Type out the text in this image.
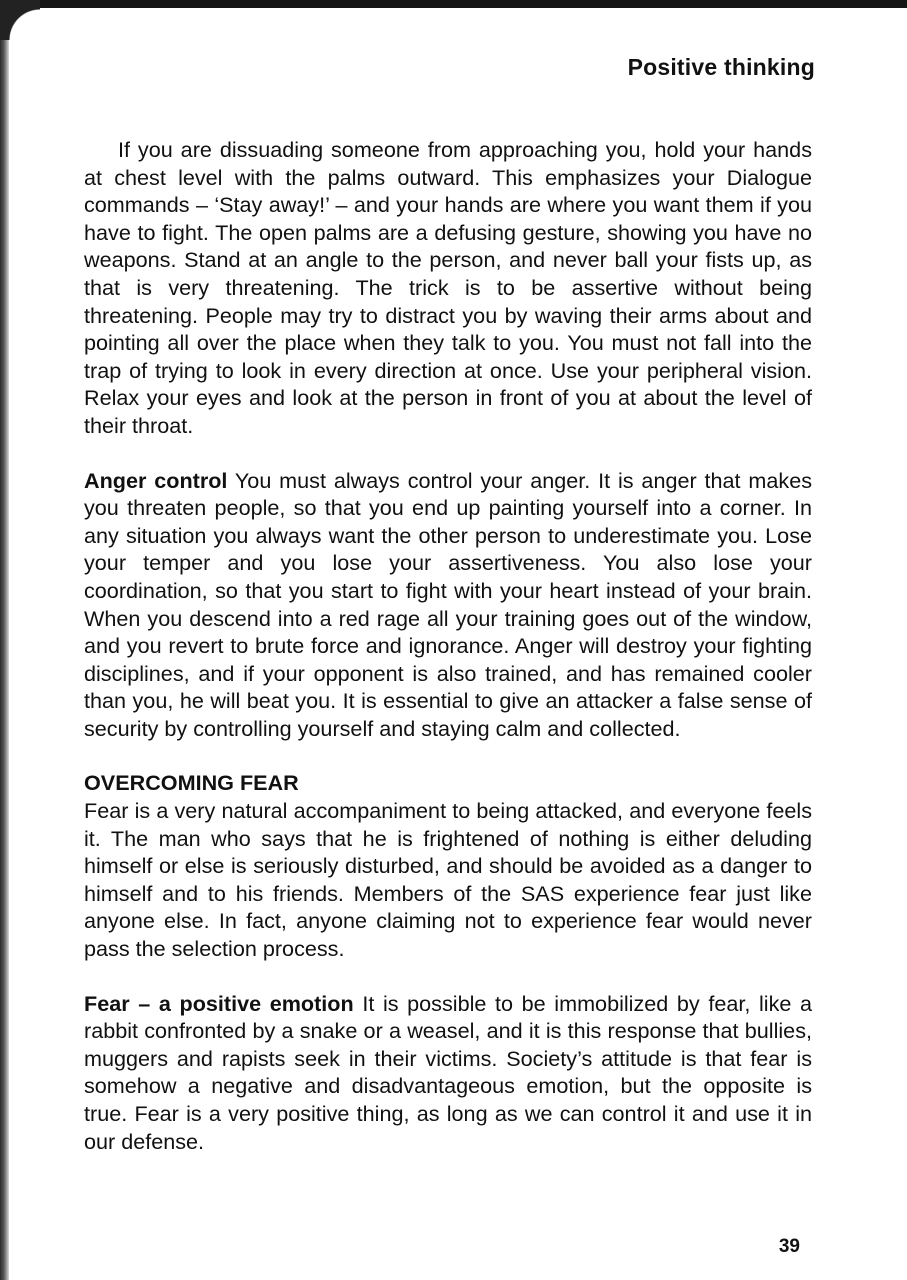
Positive thinking

If you are dissuading someone from approaching you, hold your hands at chest level with the palms outward. This emphasizes your Dialogue commands – ‘Stay away!’ – and your hands are where you want them if you have to fight. The open palms are a defusing gesture, showing you have no weapons. Stand at an angle to the person, and never ball your fists up, as that is very threatening. The trick is to be assertive without being threatening. People may try to distract you by waving their arms about and pointing all over the place when they talk to you. You must not fall into the trap of trying to look in every direction at once. Use your peripheral vision. Relax your eyes and look at the person in front of you at about the level of their throat.

Anger control You must always control your anger. It is anger that makes you threaten people, so that you end up painting yourself into a corner. In any situation you always want the other person to underestimate you. Lose your temper and you lose your assertiveness. You also lose your coordination, so that you start to fight with your heart instead of your brain. When you descend into a red rage all your training goes out of the window, and you revert to brute force and ignorance. Anger will destroy your fighting disciplines, and if your opponent is also trained, and has remained cooler than you, he will beat you. It is essential to give an attacker a false sense of security by controlling yourself and staying calm and collected.

OVERCOMING FEAR

Fear is a very natural accompaniment to being attacked, and everyone feels it. The man who says that he is frightened of nothing is either deluding himself or else is seriously disturbed, and should be avoided as a danger to himself and to his friends. Members of the SAS experience fear just like anyone else. In fact, anyone claiming not to experience fear would never pass the selection process.

Fear – a positive emotion It is possible to be immobilized by fear, like a rabbit confronted by a snake or a weasel, and it is this response that bullies, muggers and rapists seek in their victims. Society’s attitude is that fear is somehow a negative and disadvantageous emotion, but the opposite is true. Fear is a very positive thing, as long as we can control it and use it in our defense.

39
